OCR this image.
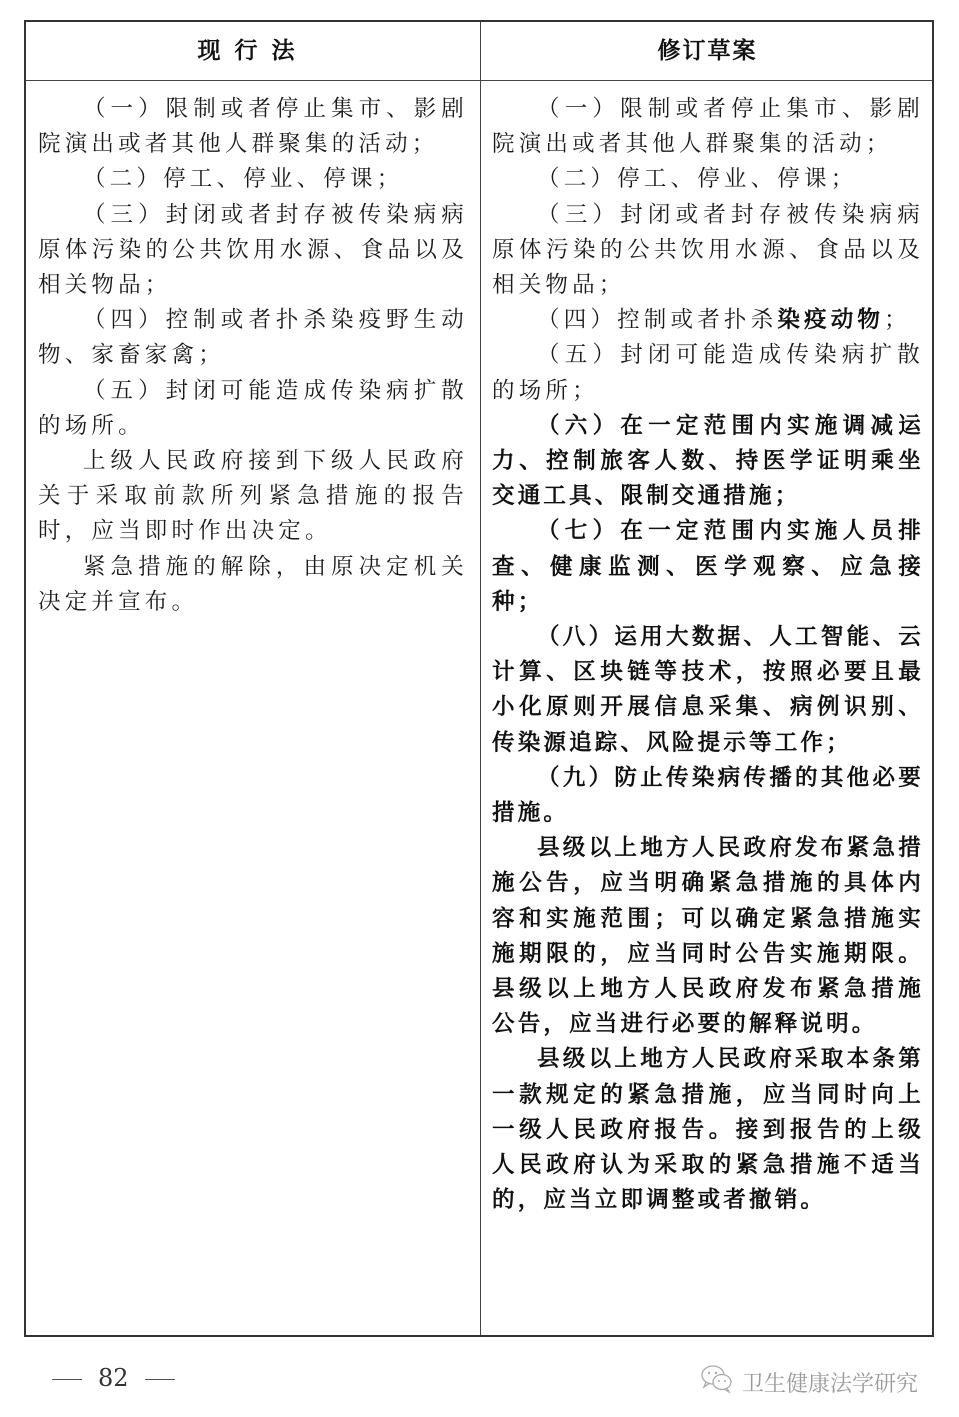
现行法	修订草案

（一）限制或者停止集市、影剧院演出或者其他人群聚集的活动；

（二）停工、停业、停课；

（三）封闭或者封存被传染病病原体污染的公共饮用水源、食品以及相关物品；

（四）控制或者扑杀染疫野生动物、家畜家禽；

（五）封闭可能造成传染病扩散的场所。

上级人民政府接到下级人民政府关于采取前款所列紧急措施的报告时，应当即时作出决定。

紧急措施的解除，由原决定机关决定并宣布。

（一）限制或者停止集市、影剧院演出或者其他人群聚集的活动；

（二）停工、停业、停课；

（三）封闭或者封存被传染病病原体污染的公共饮用水源、食品以及相关物品；

（四）控制或者扑杀染疫动物；

（五）封闭可能造成传染病扩散的场所；

（六）在一定范围内实施调减运力、控制旅客人数、持医学证明乘坐交通工具、限制交通措施；

（七）在一定范围内实施人员排查、健康监测、医学观察、应急接种；

（八）运用大数据、人工智能、云计算、区块链等技术，按照必要且最小化原则开展信息采集、病例识别、传染源追踪、风险提示等工作；

（九）防止传染病传播的其他必要措施。

县级以上地方人民政府发布紧急措施公告，应当明确紧急措施的具体内容和实施范围；可以确定紧急措施实施期限的，应当同时公告实施期限。县级以上地方人民政府发布紧急措施公告，应当进行必要的解释说明。

县级以上地方人民政府采取本条第一款规定的紧急措施，应当同时向上一级人民政府报告。接到报告的上级人民政府认为采取的紧急措施不适当的，应当立即调整或者撤销。

82	卫生健康法学研究
